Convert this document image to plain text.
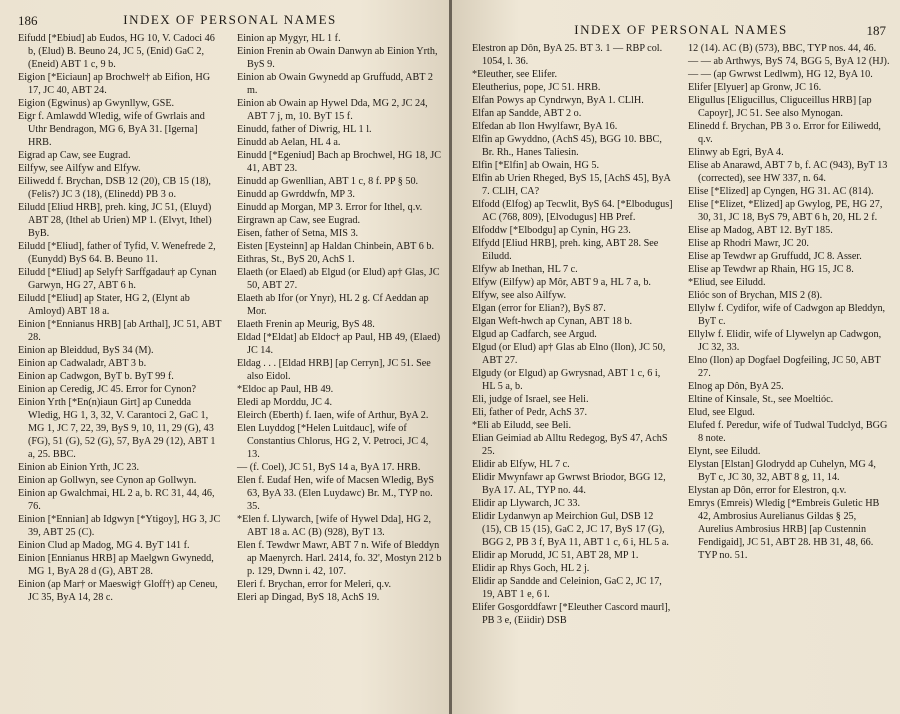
186	INDEX OF PERSONAL NAMES

Eifudd [*Ebiud] ab Eudos, HG 10, V. Cadoci 46 b, (Elud) B. Beuno 24, JC 5, (Enid) GaC 2, (Eneid) ABT 1 c, 9 b.

Eigion [*Eiciaun] ap Brochwel† ab Eifion, HG 17, JC 40, ABT 24.

Eigion (Egwinus) ap Gwynllyw, GSE.

Eigr f. Amlawdd Wledig, wife of Gwrlais and Uthr Bendragon, MG 6, ByA 31. [Igerna] HRB.

Eigrad ap Caw, see Eugrad.

Eilfyw, see Ailfyw and Elfyw.

Eiliwedd f. Brychan, DSB 12 (20), CB 15 (18), (Felis?) JC 3 (18), (Elinedd) PB 3 o.

Eiludd [Eliud HRB], preh. king, JC 51, (Eluyd) ABT 28, (Ithel ab Urien) MP 1. (Elvyt, Ithel) ByB.

Eiludd [*Eliud], father of Tyfid, V. Wenefrede 2, (Eunydd) ByS 64. B. Beuno 11.

Eiludd [*Eliud] ap Selyf† Sarffgadau† ap Cynan Garwyn, HG 27, ABT 6 h.

Eiludd [*Eliud] ap Stater, HG 2, (Elynt ab Amloyd) ABT 18 a.

Einion [*Ennianus HRB] [ab Arthal], JC 51, ABT 28.

Einion ap Bleiddud, ByS 34 (M).

Einion ap Cadwaladr, ABT 3 b.

Einion ap Cadwgon, ByT b. ByT 99 f.

Einion ap Ceredig, JC 45. Error for Cynon?

Einion Yrth [*En(n)iaun Girt] ap Cunedda Wledig, HG 1, 3, 32, V. Carantoci 2, GaC 1, MG 1, JC 7, 22, 39, ByS 9, 10, 11, 29 (G), 43 (FG), 51 (G), 52 (G), 57, ByA 29 (12), ABT 1 a, 25. BBC.

Einion ab Einion Yrth, JC 23.

Einion ap Gollwyn, see Cynon ap Gollwyn.

Einion ap Gwalchmai, HL 2 a, b. RC 31, 44, 46, 76.

Einion [*Ennian] ab Idgwyn [*Ytigoy], HG 3, JC 39, ABT 25 (C).

Einion Clud ap Madog, MG 4. ByT 141 f.

Einion [Ennianus HRB] ap Maelgwn Gwynedd, MG 1, ByA 28 d (G), ABT 28.

Einion (ap Mar† or Maeswig† Gloff†) ap Ceneu, JC 35, ByA 14, 28 c.

Einion ap Mygyr, HL 1 f.

Einion Frenin ab Owain Danwyn ab Einion Yrth, ByS 9.

Einion ab Owain Gwynedd ap Gruffudd, ABT 2 m.

Einion ab Owain ap Hywel Dda, MG 2, JC 24, ABT 7 j, m, 10. ByT 15 f.

Einudd, father of Diwrig, HL 1 l.

Einudd ab Aelan, HL 4 a.

Einudd [*Egeniud] Bach ap Brochwel, HG 18, JC 41, ABT 23.

Einudd ap Gwenllian, ABT 1 c, 8 f. PP § 50.

Einudd ap Gwrddwfn, MP 3.

Einudd ap Morgan, MP 3. Error for Ithel, q.v.

Eirgrawn ap Caw, see Eugrad.

Eisen, father of Setna, MIS 3.

Eisten [Eysteinn] ap Haldan Chinbein, ABT 6 b.

Eithras, St., ByS 20, AchS 1.

Elaeth (or Elaed) ab Elgud (or Elud) ap† Glas, JC 50, ABT 27.

Elaeth ab Ifor (or Ynyr), HL 2 g. Cf Aeddan ap Mor.

Elaeth Frenin ap Meurig, ByS 48.

Eldad [*Eldat] ab Eldoc† ap Paul, HB 49, (Elaed) JC 14.

Eldag . . . [Eldad HRB] [ap Cerryn], JC 51. See also Eidol.

*Eldoc ap Paul, HB 49.

Eledi ap Morddu, JC 4.

Eleirch (Eberth) f. Iaen, wife of Arthur, ByA 2.

Elen Luyddog [*Helen Luitdauc], wife of Constantius Chlorus, HG 2, V. Petroci, JC 4, 13.

— (f. Coel), JC 51, ByS 14 a, ByA 17. HRB.

Elen f. Eudaf Hen, wife of Macsen Wledig, ByS 63, ByA 33. (Elen Luydawc) Br. M., TYP no. 35.

*Elen f. Llywarch, [wife of Hywel Dda], HG 2, ABT 18 a. AC (B) (928), ByT 13.

Elen f. Tewdwr Mawr, ABT 7 n. Wife of Bleddyn ap Maenyrch. Harl. 2414, fo. 32', Mostyn 212 b p. 129, Dwnn i. 42, 107.

Eleri f. Brychan, error for Meleri, q.v.

Eleri ap Dingad, ByS 18, AchS 19.

INDEX OF PERSONAL NAMES	187

Elestron ap Dôn, ByA 25. BT 3. 1 — RBP col. 1054, l. 36.

*Eleuther, see Elifer.

Eleutherius, pope, JC 51. HRB.

Elfan Powys ap Cyndrwyn, ByA 1. CLlH.

Elfan ap Sandde, ABT 2 o.

Elfedan ab Ilon Hwylfawr, ByA 16.

Elfin ap Gwyddno, (AchS 45), BGG 10. BBC, Br. Rh., Hanes Taliesin.

Elfin [*Elfin] ab Owain, HG 5.

Elfin ab Urien Rheged, ByS 15, [AchS 45], ByA 7. CLlH, CA?

Elfodd (Elfog) ap Tecwlit, ByS 64. [*Elbodugus] AC (768, 809), [Elvodugus] HB Pref.

Elfoddw [*Elbodgu] ap Cynin, HG 23.

Elfydd [Eliud HRB], preh. king, ABT 28. See Eiludd.

Elfyw ab Inethan, HL 7 c.

Elfyw (Eilfyw) ap Môr, ABT 9 a, HL 7 a, b.

Elfyw, see also Ailfyw.

Elgan (error for Elian?), ByS 87.

Elgan Weft-hwch ap Cynan, ABT 18 b.

Elgud ap Cadfarch, see Argud.

Elgud (or Elud) ap† Glas ab Elno (Ilon), JC 50, ABT 27.

Elgudy (or Elgud) ap Gwrysnad, ABT 1 c, 6 i, HL 5 a, b.

Eli, judge of Israel, see Heli.

Eli, father of Pedr, AchS 37.

*Eli ab Eiludd, see Beli.

Elian Geimiad ab Alltu Redegog, ByS 47, AchS 25.

Elidir ab Elfyw, HL 7 c.

Elidir Mwynfawr ap Gwrwst Briodor, BGG 12, ByA 17. AL, TYP no. 44.

Elidir ap Llywarch, JC 33.

Elidir Lydanwyn ap Meirchion Gul, DSB 12 (15), CB 15 (15), GaC 2, JC 17, ByS 17 (G), BGG 2, PB 3 f, ByA 11, ABT 1 c, 6 i, HL 5 a.

Elidir ap Morudd, JC 51, ABT 28, MP 1.

Elidir ap Rhys Goch, HL 2 j.

Elidir ap Sandde and Celeinion, GaC 2, JC 17, 19, ABT 1 e, 6 l.

Elifer Gosgorddfawr [*Eleuther Cascord maurl], PB 3 e, (Eiidir) DSB

12 (14). AC (B) (573), BBC, TYP nos. 44, 46.

— — ab Arthwys, ByS 74, BGG 5, ByA 12 (HJ).

— — (ap Gwrwst Ledlwm), HG 12, ByA 10.

Elifer [Elyuer] ap Gronw, JC 16.

Eligullus [Eligucillus, Cliguceillus HRB] [ap Capoyr], JC 51. See also Mynogan.

Elinedd f. Brychan, PB 3 o. Error for Eiliwedd, q.v.

Elinwy ab Egri, ByA 4.

Elise ab Anarawd, ABT 7 b, f. AC (943), ByT 13 (corrected), see HW 337, n. 64.

Elise [*Elized] ap Cyngen, HG 31. AC (814).

Elise [*Elizet, *Elized] ap Gwylog, PE, HG 27, 30, 31, JC 18, ByS 79, ABT 6 h, 20, HL 2 f.

Elise ap Madog, ABT 12. ByT 185.

Elise ap Rhodri Mawr, JC 20.

Elise ap Tewdwr ap Gruffudd, JC 8. Asser.

Elise ap Tewdwr ap Rhain, HG 15, JC 8.

*Eliud, see Eiludd.

Elióc son of Brychan, MIS 2 (8).

Ellylw f. Cydifor, wife of Cadwgon ap Bleddyn, ByT c.

Ellylw f. Elidir, wife of Llywelyn ap Cadwgon, JC 32, 33.

Elno (Ilon) ap Dogfael Dogfeiling, JC 50, ABT 27.

Elnog ap Dôn, ByA 25.

Eltine of Kinsale, St., see Moeltióc.

Elud, see Elgud.

Elufed f. Peredur, wife of Tudwal Tudclyd, BGG 8 note.

Elynt, see Eiludd.

Elystan [Elstan] Glodrydd ap Cuhelyn, MG 4, ByT c, JC 30, 32, ABT 8 g, 11, 14.

Elystan ap Dôn, error for Elestron, q.v.

Emrys (Emreis) Wledig [*Embreis Guletic HB 42, Ambrosius Aurelianus Gildas § 25, Aurelius Ambrosius HRB] [ap Custennin Fendigaid], JC 51, ABT 28. HB 31, 48, 66. TYP no. 51.
